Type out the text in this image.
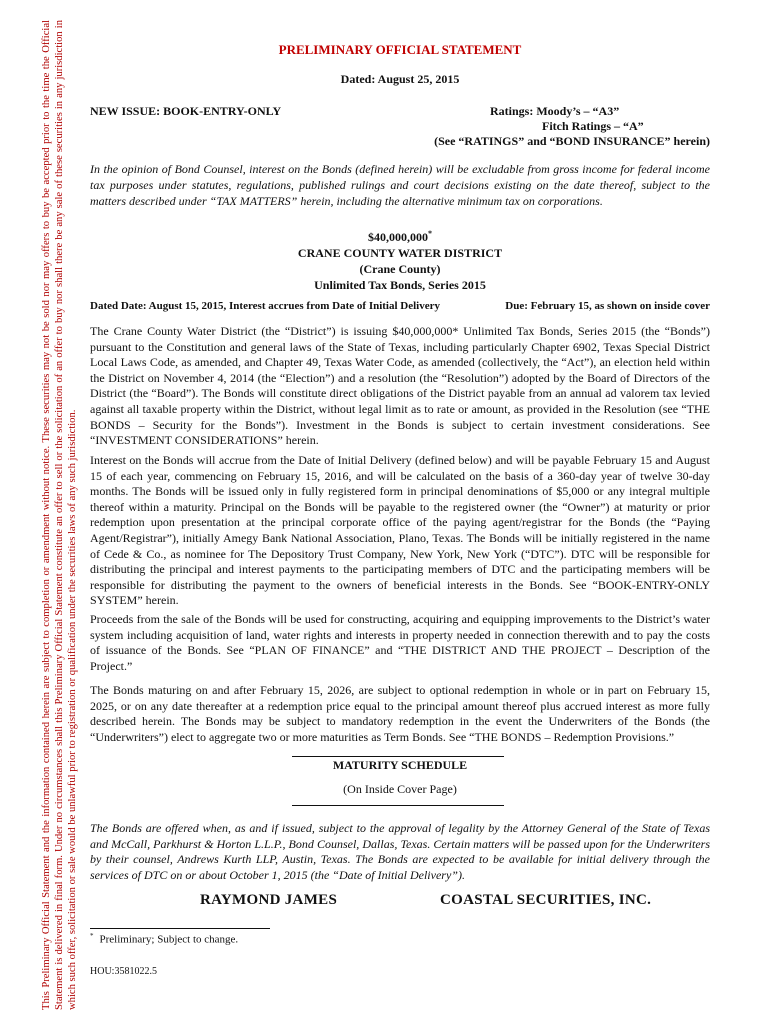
This Preliminary Official Statement and the information contained herein are subject to completion or amendment without notice. These securities may not be sold nor may offers to buy be accepted prior to the time the Official Statement is delivered in final form. Under no circumstances shall this Preliminary Official Statement constitute an offer to sell or the solicitation of an offer to buy nor shall there be any sale of these securities in any jurisdiction in which such offer, solicitation or sale would be unlawful prior to registration or qualification under the securities laws of any such jurisdiction.
PRELIMINARY OFFICIAL STATEMENT
Dated: August 25, 2015
NEW ISSUE: BOOK-ENTRY-ONLY	Ratings: Moody’s – “A3”
Fitch Ratings – “A”
(See “RATINGS” and “BOND INSURANCE” herein)
In the opinion of Bond Counsel, interest on the Bonds (defined herein) will be excludable from gross income for federal income tax purposes under statutes, regulations, published rulings and court decisions existing on the date thereof, subject to the matters described under “TAX MATTERS” herein, including the alternative minimum tax on corporations.
$40,000,000*
CRANE COUNTY WATER DISTRICT
(Crane County)
Unlimited Tax Bonds, Series 2015
Dated Date: August 15, 2015, Interest accrues from Date of Initial Delivery	Due: February 15, as shown on inside cover
The Crane County Water District (the “District”) is issuing $40,000,000* Unlimited Tax Bonds, Series 2015 (the “Bonds”) pursuant to the Constitution and general laws of the State of Texas, including particularly Chapter 6902, Texas Special District Local Laws Code, as amended, and Chapter 49, Texas Water Code, as amended (collectively, the “Act”), an election held within the District on November 4, 2014 (the “Election”) and a resolution (the “Resolution”) adopted by the Board of Directors of the District (the “Board”). The Bonds will constitute direct obligations of the District payable from an annual ad valorem tax levied against all taxable property within the District, without legal limit as to rate or amount, as provided in the Resolution (see “THE BONDS – Security for the Bonds”). Investment in the Bonds is subject to certain investment considerations. See “INVESTMENT CONSIDERATIONS” herein.
Interest on the Bonds will accrue from the Date of Initial Delivery (defined below) and will be payable February 15 and August 15 of each year, commencing on February 15, 2016, and will be calculated on the basis of a 360-day year of twelve 30-day months. The Bonds will be issued only in fully registered form in principal denominations of $5,000 or any integral multiple thereof within a maturity. Principal on the Bonds will be payable to the registered owner (the “Owner”) at maturity or prior redemption upon presentation at the principal corporate office of the paying agent/registrar for the Bonds (the “Paying Agent/Registrar”), initially Amegy Bank National Association, Plano, Texas. The Bonds will be initially registered in the name of Cede & Co., as nominee for The Depository Trust Company, New York, New York (“DTC”). DTC will be responsible for distributing the principal and interest payments to the participating members of DTC and the participating members will be responsible for distributing the payment to the owners of beneficial interests in the Bonds. See “BOOK-ENTRY-ONLY SYSTEM” herein.
Proceeds from the sale of the Bonds will be used for constructing, acquiring and equipping improvements to the District’s water system including acquisition of land, water rights and interests in property needed in connection therewith and to pay the costs of issuance of the Bonds. See “PLAN OF FINANCE” and “THE DISTRICT AND THE PROJECT – Description of the Project.”
The Bonds maturing on and after February 15, 2026, are subject to optional redemption in whole or in part on February 15, 2025, or on any date thereafter at a redemption price equal to the principal amount thereof plus accrued interest as more fully described herein. The Bonds may be subject to mandatory redemption in the event the Underwriters of the Bonds (the “Underwriters”) elect to aggregate two or more maturities as Term Bonds. See “THE BONDS – Redemption Provisions.”
MATURITY SCHEDULE
(On Inside Cover Page)
The Bonds are offered when, as and if issued, subject to the approval of legality by the Attorney General of the State of Texas and McCall, Parkhurst & Horton L.L.P., Bond Counsel, Dallas, Texas. Certain matters will be passed upon for the Underwriters by their counsel, Andrews Kurth LLP, Austin, Texas. The Bonds are expected to be available for initial delivery through the services of DTC on or about October 1, 2015 (the “Date of Initial Delivery”).
RAYMOND JAMES	COASTAL SECURITIES, INC.
* Preliminary; Subject to change.
HOU:3581022.5
